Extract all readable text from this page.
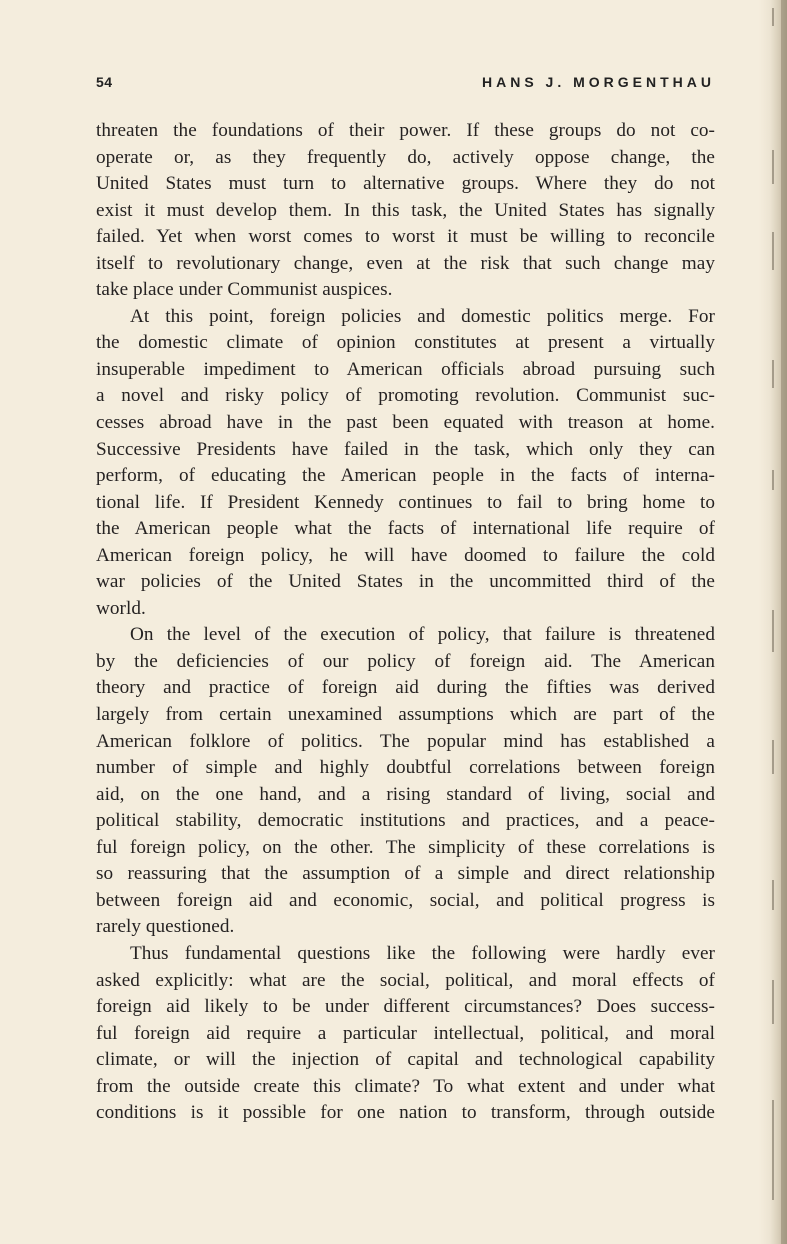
54	HANS J. MORGENTHAU
threaten the foundations of their power. If these groups do not co-
operate or, as they frequently do, actively oppose change, the
United States must turn to alternative groups. Where they do not
exist it must develop them. In this task, the United States has signally
failed. Yet when worst comes to worst it must be willing to reconcile
itself to revolutionary change, even at the risk that such change may
take place under Communist auspices.
At this point, foreign policies and domestic politics merge. For
the domestic climate of opinion constitutes at present a virtually
insuperable impediment to American officials abroad pursuing such
a novel and risky policy of promoting revolution. Communist suc-
cesses abroad have in the past been equated with treason at home.
Successive Presidents have failed in the task, which only they can
perform, of educating the American people in the facts of interna-
tional life. If President Kennedy continues to fail to bring home to
the American people what the facts of international life require of
American foreign policy, he will have doomed to failure the cold
war policies of the United States in the uncommitted third of the
world.
On the level of the execution of policy, that failure is threatened
by the deficiencies of our policy of foreign aid. The American
theory and practice of foreign aid during the fifties was derived
largely from certain unexamined assumptions which are part of the
American folklore of politics. The popular mind has established a
number of simple and highly doubtful correlations between foreign
aid, on the one hand, and a rising standard of living, social and
political stability, democratic institutions and practices, and a peace-
ful foreign policy, on the other. The simplicity of these correlations is
so reassuring that the assumption of a simple and direct relationship
between foreign aid and economic, social, and political progress is
rarely questioned.
Thus fundamental questions like the following were hardly ever
asked explicitly: what are the social, political, and moral effects of
foreign aid likely to be under different circumstances? Does success-
ful foreign aid require a particular intellectual, political, and moral
climate, or will the injection of capital and technological capability
from the outside create this climate? To what extent and under what
conditions is it possible for one nation to transform, through outside
